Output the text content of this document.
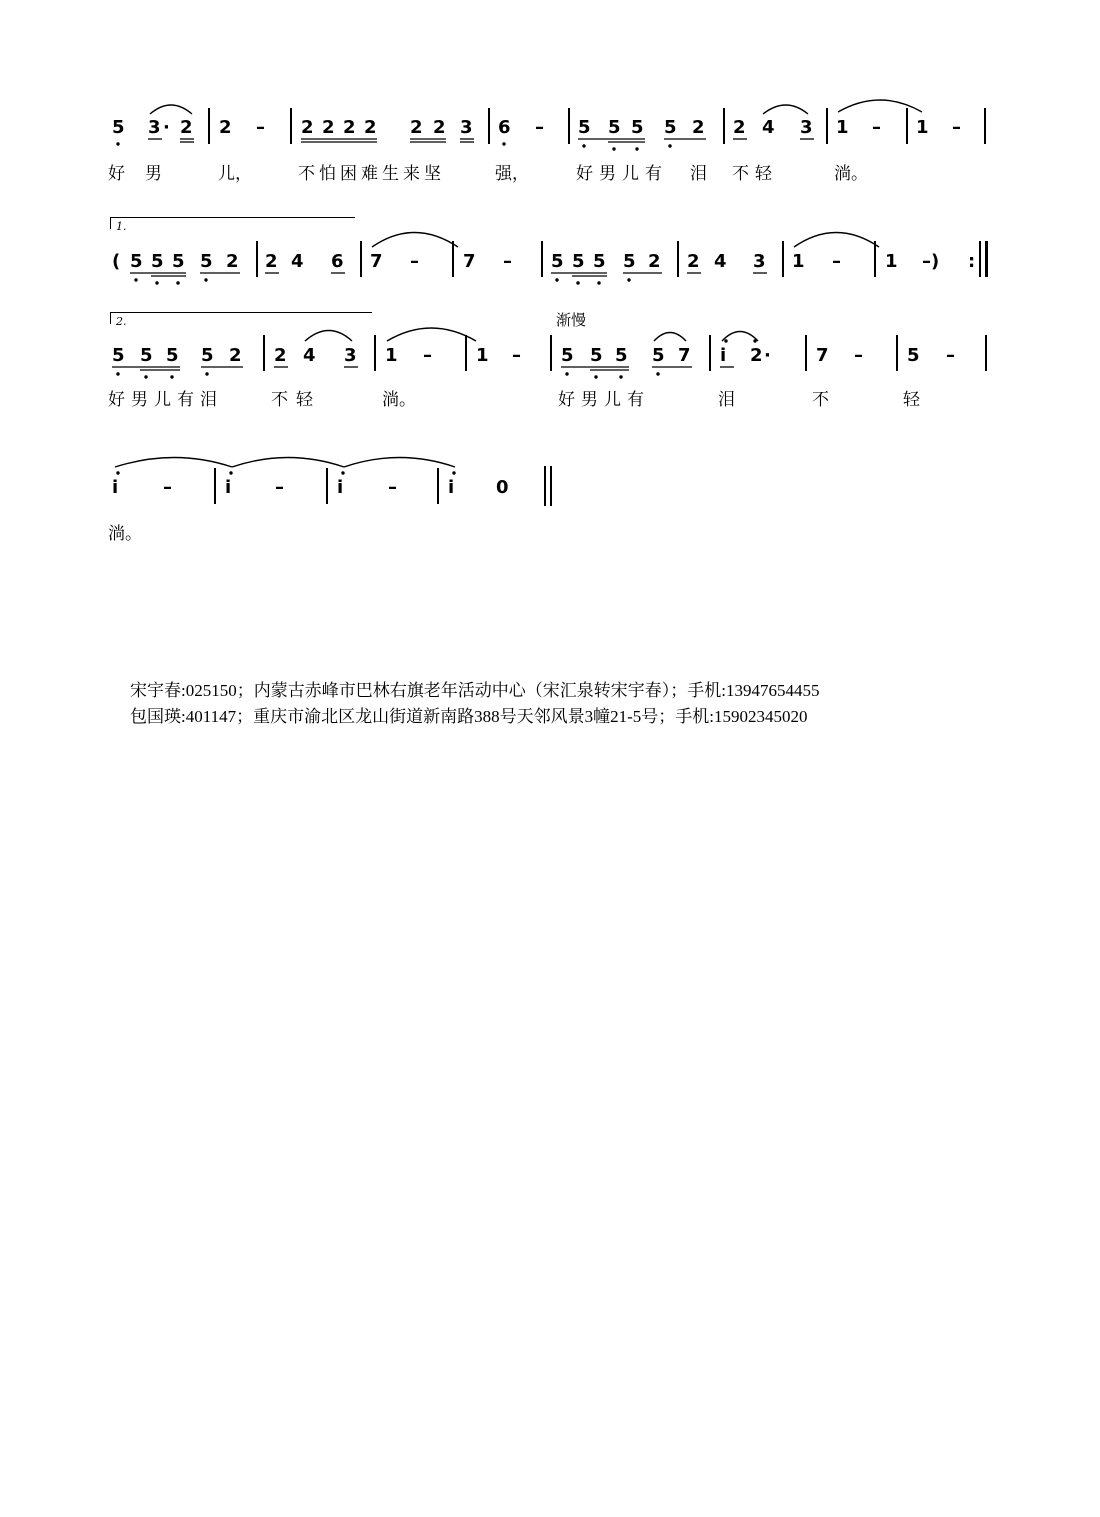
5 3 · 2 2 – 2 2 2 2 2 2 3 6 – 5 5 5 5 2 2 4 3 1 – 1 –
好 男	儿，	不怕困难生来坚	强，	好男儿有 泪 不轻	淌。
1.
( 5 5 5 5 2 2 4 6 7 – 7 – 5 5 5 5 2 2 4 3 1 – 1 –) :
2.	渐慢
5 5 5 5 2 2 4 3 1 – 1 – 5 5 5 5 7 i 2 ·	7 – 5 –
好男儿有泪	不轻	淌。	好男儿有	泪	不	轻
i –	i –	i –	i 0
淌。
宋宇春:025150；内蒙古赤峰市巴林右旗老年活动中心（宋汇泉转宋宇春）；手机:13947654455
包国瑛:401147；重庆市渝北区龙山街道新南路388号天邻风景3幢21-5号；手机:15902345020
